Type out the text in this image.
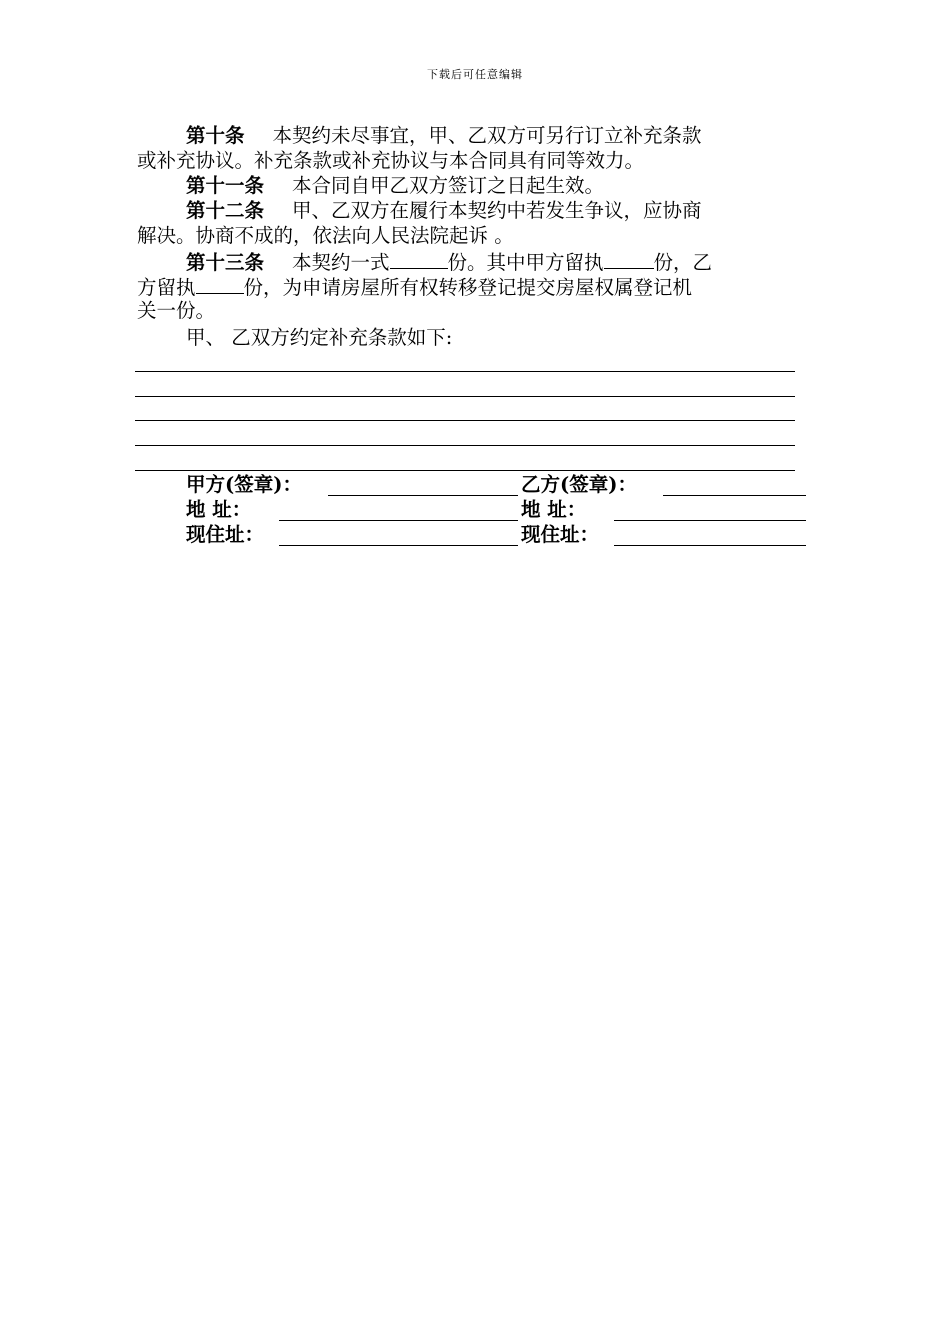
下载后可任意编辑
第十条 本契约未尽事宜，甲、乙双方可另行订立补充条款
或补充协议。补充条款或补充协议与本合同具有同等效力。
第十一条 本合同自甲乙双方签订之日起生效。
第十二条 甲、乙双方在履行本契约中若发生争议，应协商
解决。协商不成的，依法向人民法院起诉 。
第十三条 本契约一式	份。其中甲方留执	份，乙
方留执 份，为申请房屋所有权转移登记提交房屋权属登记机
关一份。
甲、 乙双方约定补充条款如下:
甲方(签章)：	乙方(签章)：
地 址：	地 址：
现住址：	现住址：
